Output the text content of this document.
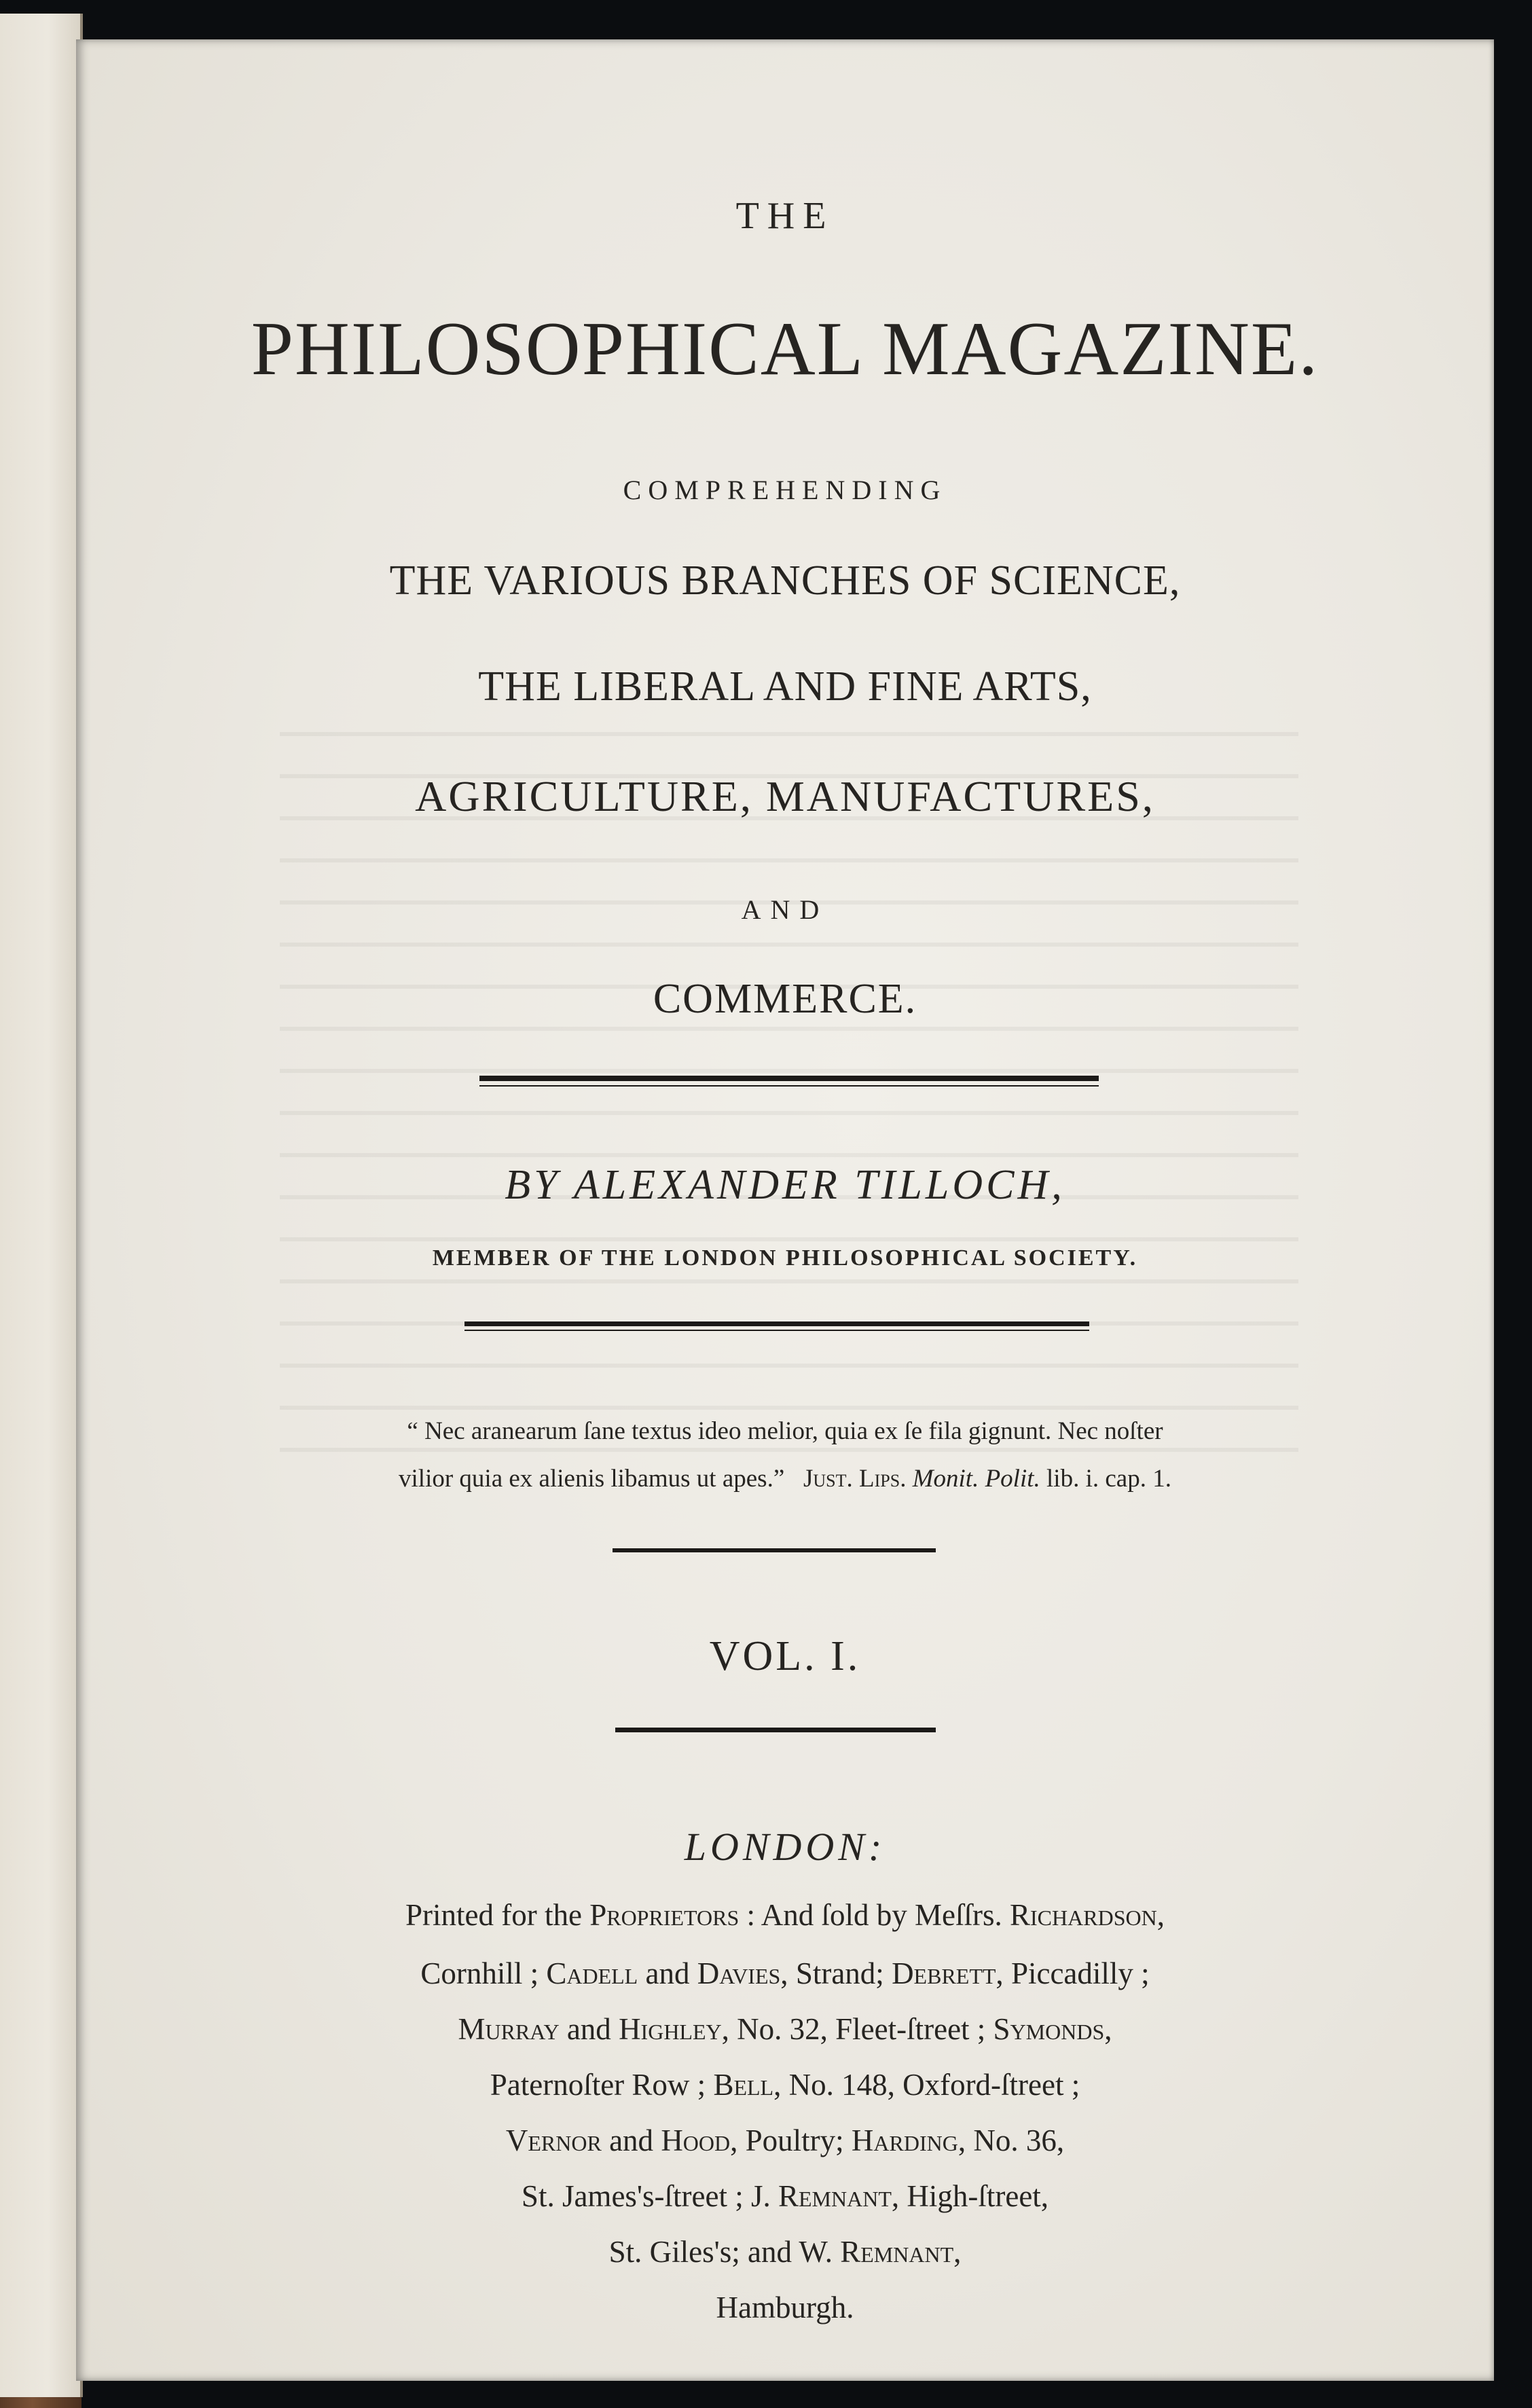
THE
PHILOSOPHICAL MAGAZINE.
COMPREHENDING
THE VARIOUS BRANCHES OF SCIENCE,
THE LIBERAL AND FINE ARTS,
AGRICULTURE, MANUFACTURES,
AND
COMMERCE.
BY ALEXANDER TILLOCH,
MEMBER OF THE LONDON PHILOSOPHICAL SOCIETY.
“ Nec aranearum ſane textus ideo melior, quia ex ſe fila gignunt. Nec noſter
vilior quia ex alienis libamus ut apes.” Just. Lips. Monit. Polit. lib. i. cap. 1.
VOL. I.
LONDON:
Printed for the Proprietors : And ſold by Meſſrs. Richardson,
Cornhill ; Cadell and Davies, Strand; Debrett, Piccadilly ;
Murray and Highley, No. 32, Fleet-ſtreet ; Symonds,
Paternoſter Row ; Bell, No. 148, Oxford-ſtreet ;
Vernor and Hood, Poultry; Harding, No. 36,
St. James's-ſtreet ; J. Remnant, High-ſtreet,
St. Giles's; and W. Remnant,
Hamburgh.
